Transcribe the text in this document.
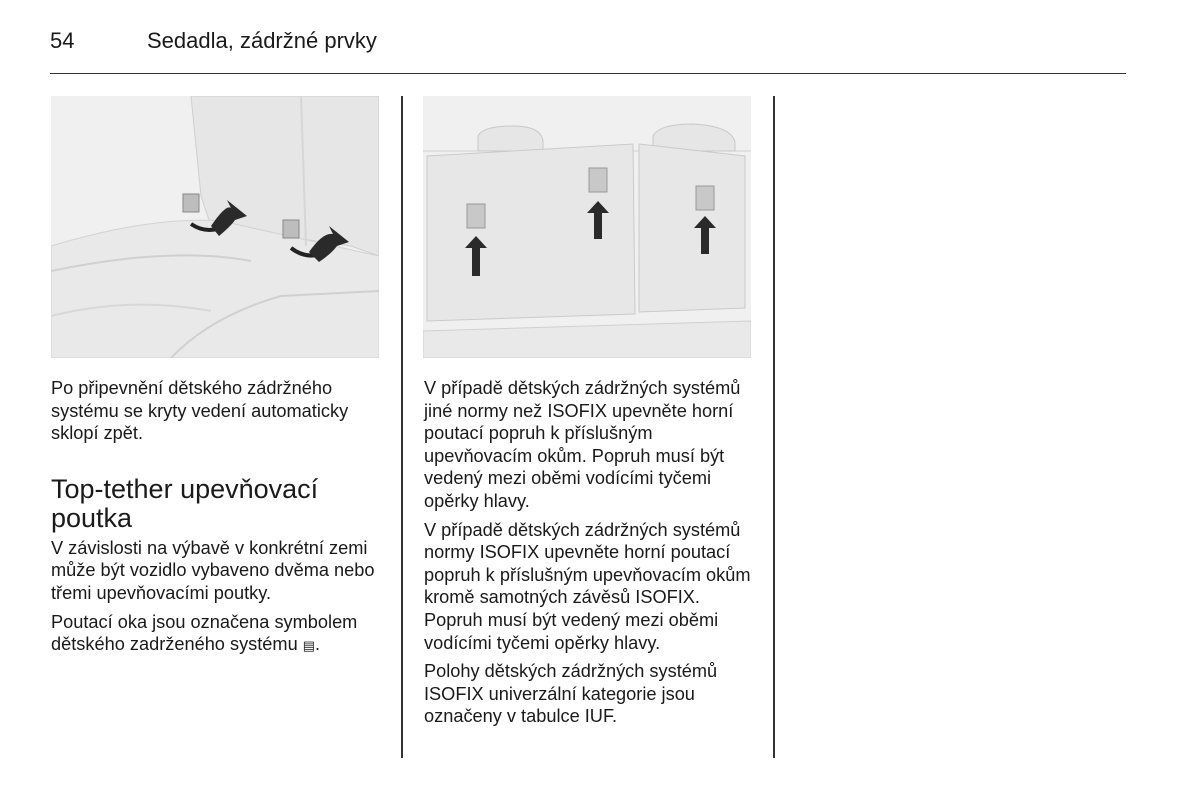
54	Sedadla, zádržné prvky

Po připevnění dětského zádržného systému se kryty vedení automaticky sklopí zpět.

Top-tether upevňovací poutka

V závislosti na výbavě v konkrétní zemi může být vozidlo vybaveno dvěma nebo třemi upevňovacími poutky.

Poutací oka jsou označena symbolem dětského zadrženého systému ▤.

V případě dětských zádržných systémů jiné normy než ISOFIX upevněte horní poutací popruh k příslušným upevňovacím okům. Popruh musí být vedený mezi oběmi vodícími tyčemi opěrky hlavy.

V případě dětských zádržných systémů normy ISOFIX upevněte horní poutací popruh k příslušným upevňovacím okům kromě samotných závěsů ISOFIX. Popruh musí být vedený mezi oběmi vodícími tyčemi opěrky hlavy.

Polohy dětských zádržných systémů ISOFIX univerzální kategorie jsou označeny v tabulce IUF.
